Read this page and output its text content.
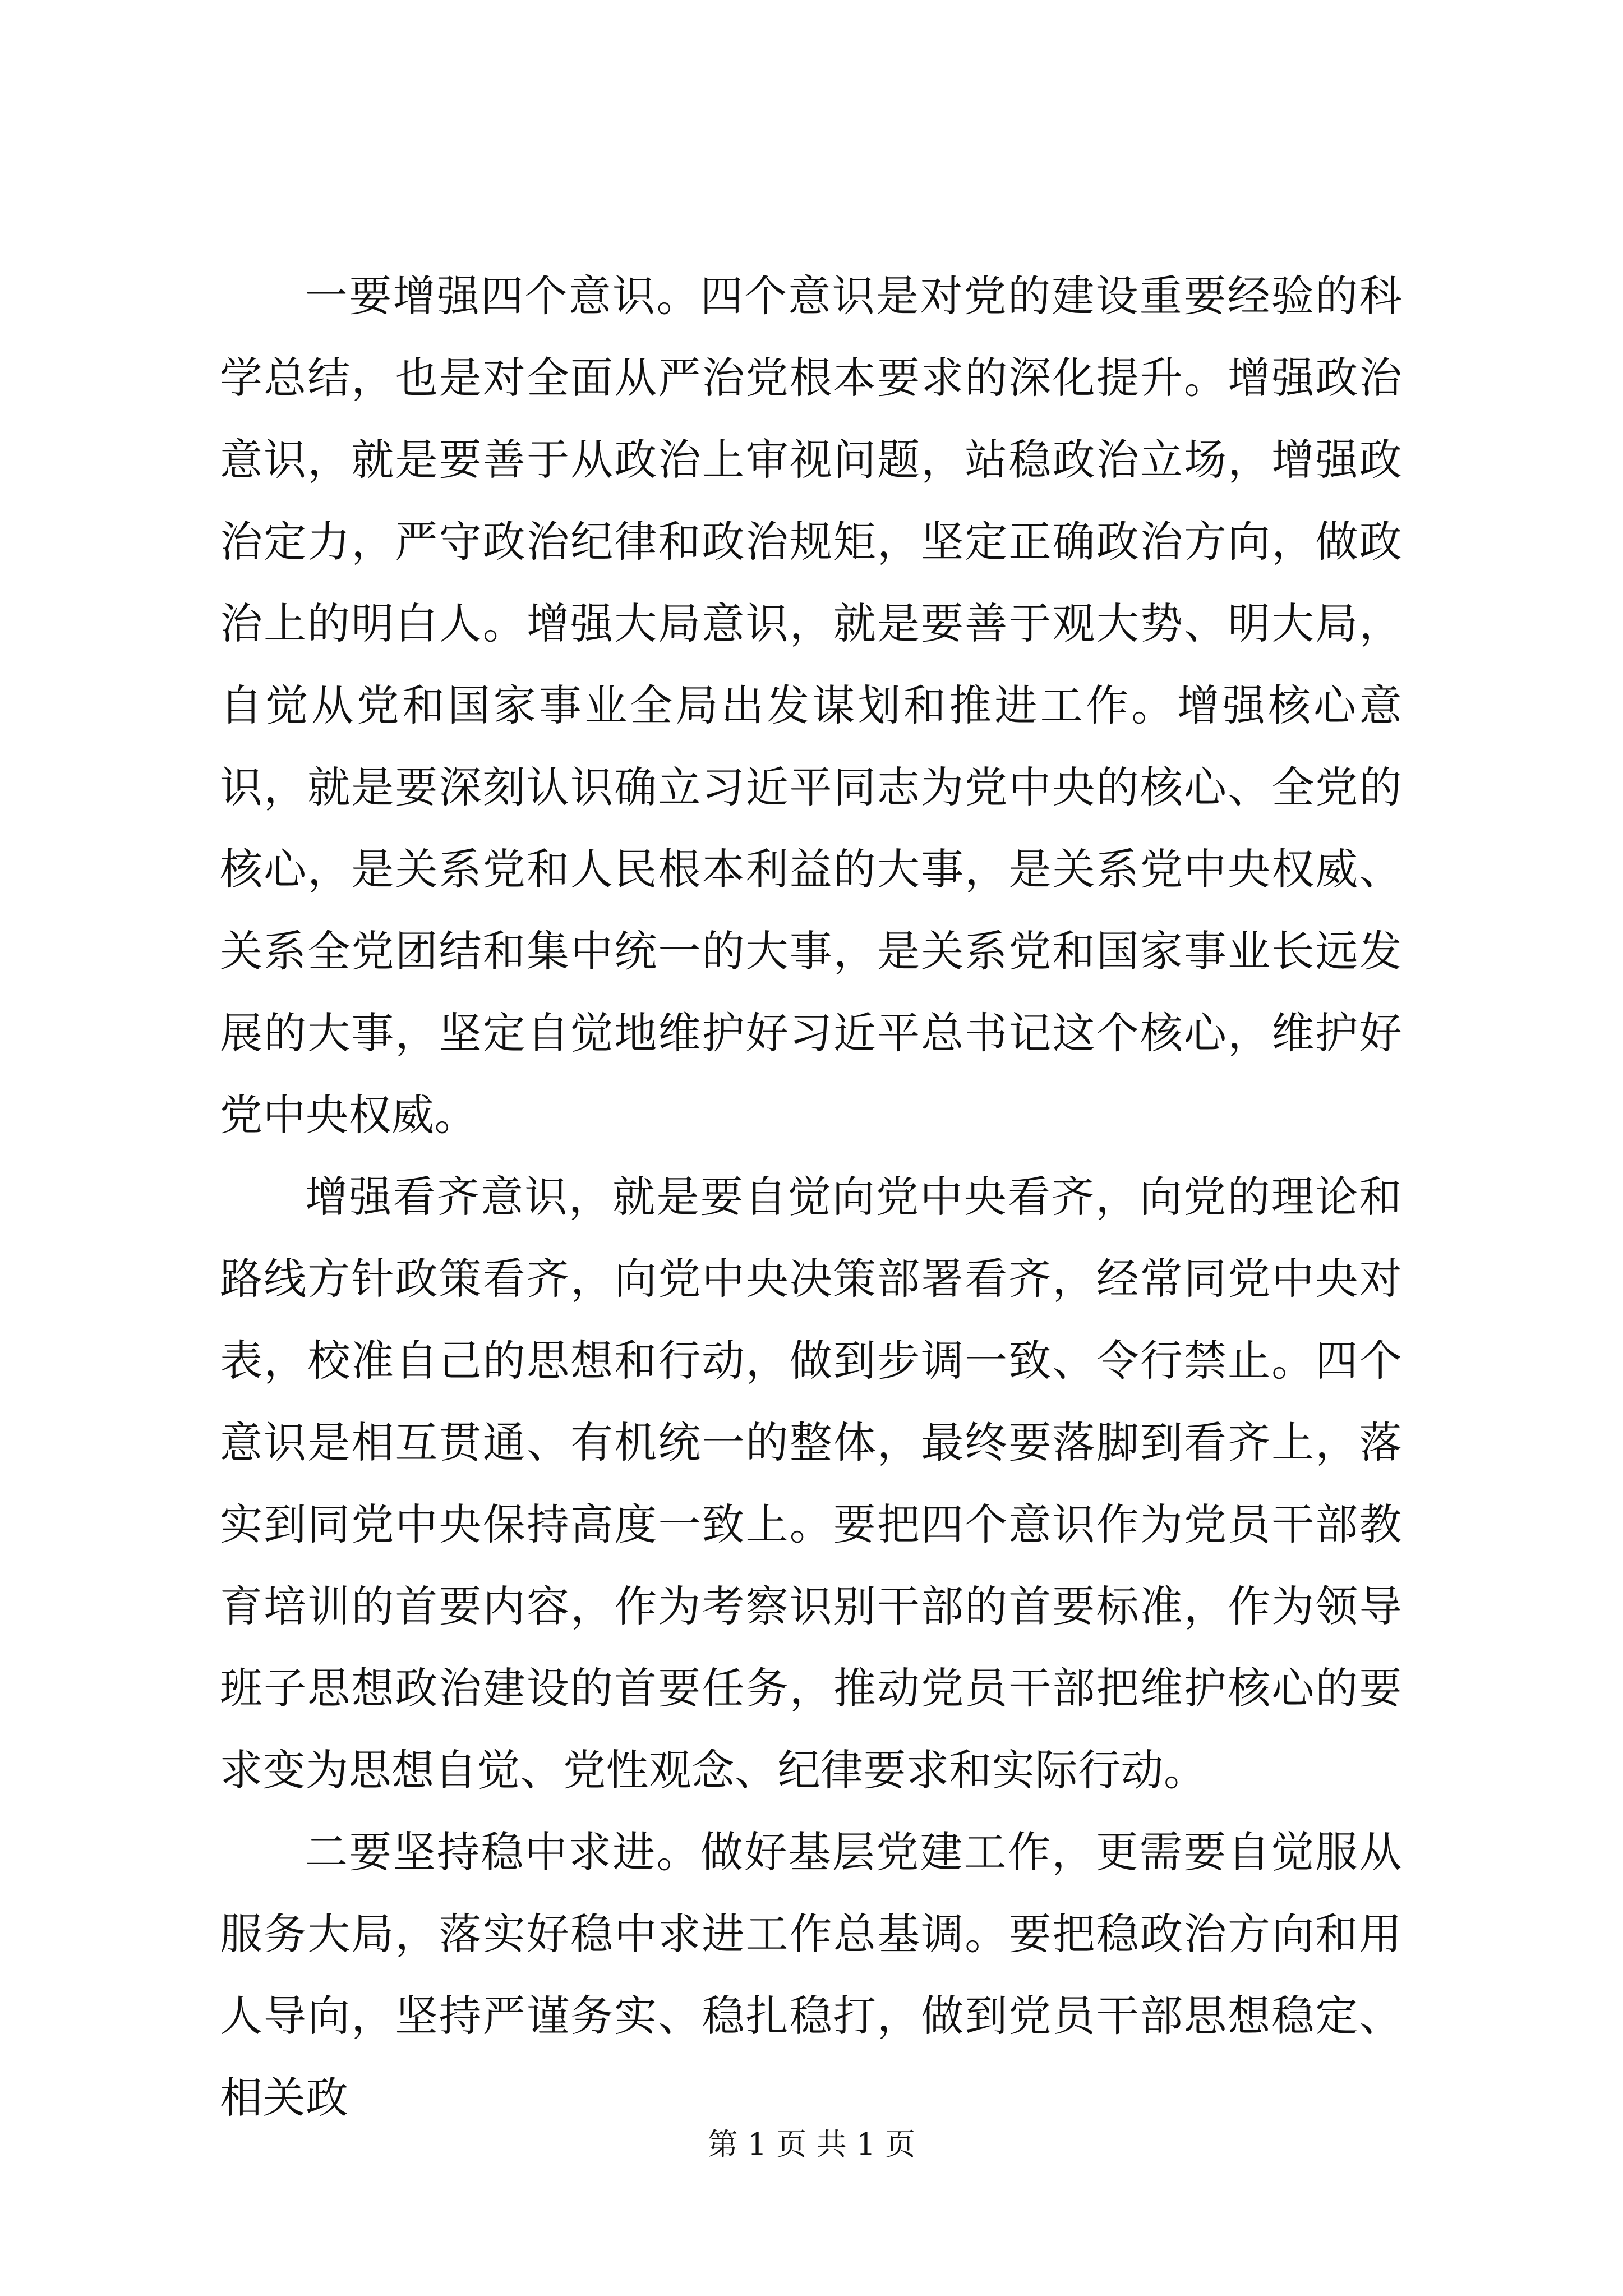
一要增强四个意识。四个意识是对党的建设重要经验的科学总结，也是对全面从严治党根本要求的深化提升。增强政治意识，就是要善于从政治上审视问题，站稳政治立场，增强政治定力，严守政治纪律和政治规矩，坚定正确政治方向，做政治上的明白人。增强大局意识，就是要善于观大势、明大局，自觉从党和国家事业全局出发谋划和推进工作。增强核心意识，就是要深刻认识确立习近平同志为党中央的核心、全党的核心，是关系党和人民根本利益的大事，是关系党中央权威、关系全党团结和集中统一的大事，是关系党和国家事业长远发展的大事，坚定自觉地维护好习近平总书记这个核心，维护好党中央权威。

增强看齐意识，就是要自觉向党中央看齐，向党的理论和路线方针政策看齐，向党中央决策部署看齐，经常同党中央对表，校准自己的思想和行动，做到步调一致、令行禁止。四个意识是相互贯通、有机统一的整体，最终要落脚到看齐上，落实到同党中央保持高度一致上。要把四个意识作为党员干部教育培训的首要内容，作为考察识别干部的首要标准，作为领导班子思想政治建设的首要任务，推动党员干部把维护核心的要求变为思想自觉、党性观念、纪律要求和实际行动。

二要坚持稳中求进。做好基层党建工作，更需要自觉服从服务大局，落实好稳中求进工作总基调。要把稳政治方向和用人导向，坚持严谨务实、稳扎稳打，做到党员干部思想稳定、相关政

第 1 页 共 1 页
